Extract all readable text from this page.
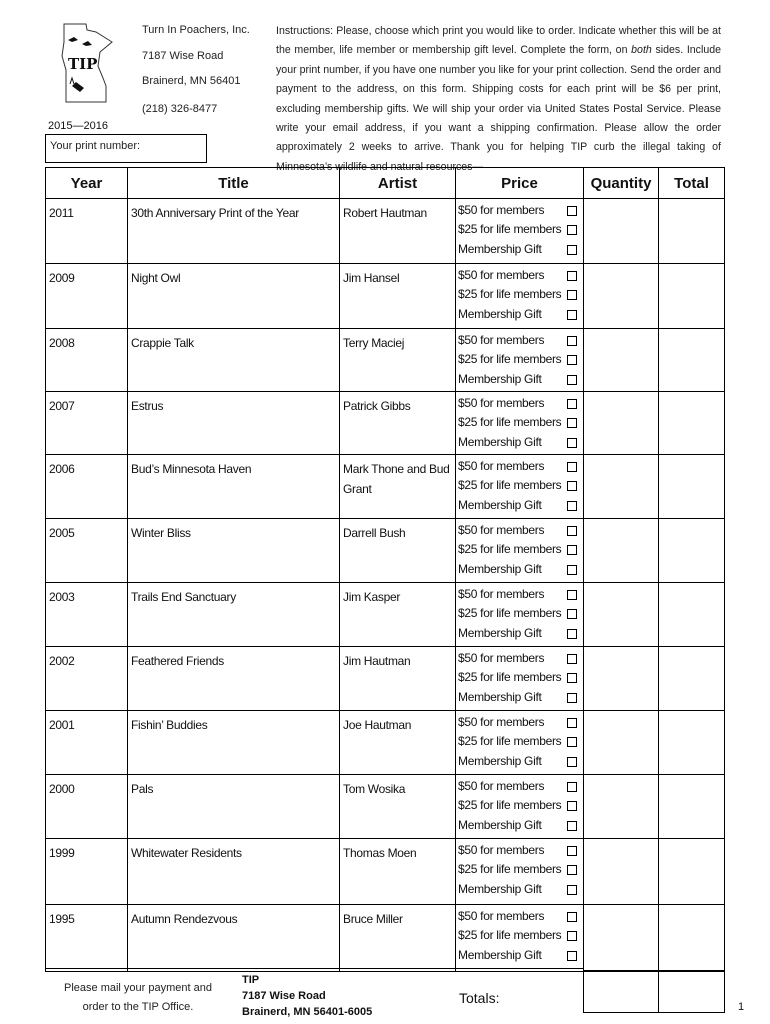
TIP
Turn In Poachers, Inc.
7187 Wise Road
Brainerd, MN 56401
(218) 326-8477
2015—2016
Your print number:
Instructions: Please, choose which print you would like to order. Indicate whether this will be at the member, life member or membership gift level. Complete the form, on both sides. Include your print number, if you have one number you like for your print collection. Send the order and payment to the address, on this form. Shipping costs for each print will be $6 per print, excluding membership gifts. We will ship your order via United States Postal Service. Please write your email address, if you want a shipping confirmation. Please allow the order approximately 2 weeks to arrive. Thank you for helping TIP curb the illegal taking of Minnesota’s wildlife and natural resources—
Year	Title	Artist	Price	Quantity	Total

2011	30th Anniversary Print of the Year	Robert Hautman	$50 for members
$25 for life members
Membership Gift		

2009	Night Owl	Jim Hansel	$50 for members
$25 for life members
Membership Gift		

2008	Crappie Talk	Terry Maciej	$50 for members
$25 for life members
Membership Gift		

2007	Estrus	Patrick Gibbs	$50 for members
$25 for life members
Membership Gift		

2006	Bud’s Minnesota Haven	Mark Thone and Bud Grant	$50 for members
$25 for life members
Membership Gift		

2005	Winter Bliss	Darrell Bush	$50 for members
$25 for life members
Membership Gift		

2003	Trails End Sanctuary	Jim Kasper	$50 for members
$25 for life members
Membership Gift		

2002	Feathered Friends	Jim Hautman	$50 for members
$25 for life members
Membership Gift		

2001	Fishin’ Buddies	Joe Hautman	$50 for members
$25 for life members
Membership Gift		

2000	Pals	Tom Wosika	$50 for members
$25 for life members
Membership Gift		

1999	Whitewater Residents	Thomas Moen	$50 for members
$25 for life members
Membership Gift		

1995	Autumn Rendezvous	Bruce Miller	$50 for members
$25 for life members
Membership Gift		

Please mail your payment and
order to the TIP Office.
TIP
7187 Wise Road
Brainerd, MN 56401-6005
Totals:
1
